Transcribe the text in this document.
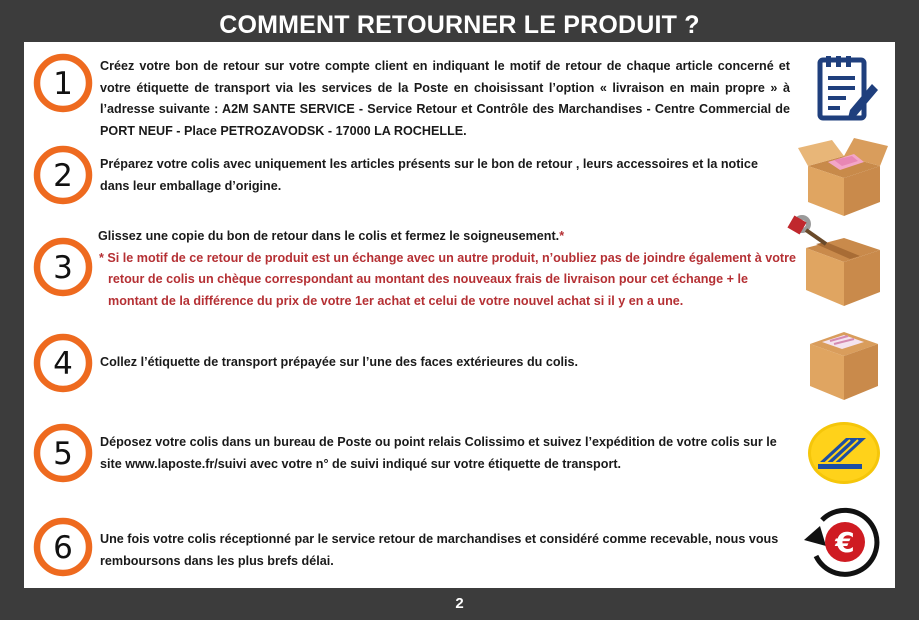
COMMENT RETOURNER LE PRODUIT ?
1 Créez votre bon de retour sur votre compte client en indiquant le motif de retour de chaque article concerné et votre étiquette de transport via les services de la Poste en choisissant l’option « livraison en main propre » à l’adresse suivante : A2M SANTE SERVICE - Service Retour et Contrôle des Marchandises - Centre Commercial de PORT NEUF - Place PETROZAVODSK - 17000 LA ROCHELLE.
2 Préparez votre colis avec uniquement les articles présents sur le bon de retour , leurs accessoires et la notice dans leur emballage d’origine.
3
Glissez une copie du bon de retour dans le colis et fermez le soigneusement.*
* Si le motif de ce retour de produit est un échange avec un autre produit, n’oubliez pas de joindre également à votre retour de colis un chèque correspondant au montant des nouveaux frais de livraison pour cet échange + le montant de la différence du prix de votre 1er achat et celui de votre nouvel achat si il y en a une.
4 Collez l’étiquette de transport prépayée sur l’une des faces extérieures du colis.
5 Déposez votre colis dans un bureau de Poste ou point relais Colissimo et suivez l’expédition de votre colis sur le site www.laposte.fr/suivi avec votre n° de suivi indiqué sur votre étiquette de transport.
6 Une fois votre colis réceptionné par le service retour de marchandises et considéré comme recevable, nous vous remboursons dans les plus brefs délai.
€
2
